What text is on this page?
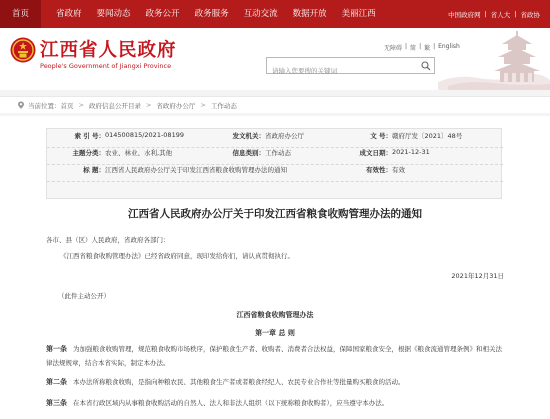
首页	省政府 要闻动态 政务公开 政务服务 互动交流 数据开放 美丽江西	中国政府网 | 省人大 | 省政协
江西省人民政府
People's Government of Jiangxi Province
无障碍 | 简 | 繁 | English
请输入您要搜的关键词
当前位置： 首页 > 政府信息公开目录 > 省政府办公厅 > 工作动态
索 引 号： 014500815/2021-08199	发文机关： 省政府办公厅	文 号： 赣府厅发〔2021〕48号
主题分类： 农业、林业、水利,其他	信息类别： 工作动态	成文日期： 2021-12-31
标 题： 江西省人民政府办公厅关于印发江西省粮食收购管理办法的通知	有效性： 有效
江西省人民政府办公厅关于印发江西省粮食收购管理办法的通知
各市、县（区）人民政府，省政府各部门：
《江西省粮食收购管理办法》已经省政府同意，现印发给你们，请认真贯彻执行。
2021年12月31日
（此件主动公开）
江西省粮食收购管理办法
第一章 总 则
第一条 为加强粮食收购管理，规范粮食收购市场秩序，保护粮食生产者、收购者、消费者合法权益，保障国家粮食安全，根据《粮食流通管理条例》和相关法律法规规章，结合本省实际，制定本办法。
第二条 本办法所称粮食收购，是指向种粮农民、其他粮食生产者或者粮食经纪人、农民专业合作社等批量购买粮食的活动。
第三条 在本省行政区域内从事粮食收购活动的自然人、法人和非法人组织（以下统称粮食收购者），应当遵守本办法。
